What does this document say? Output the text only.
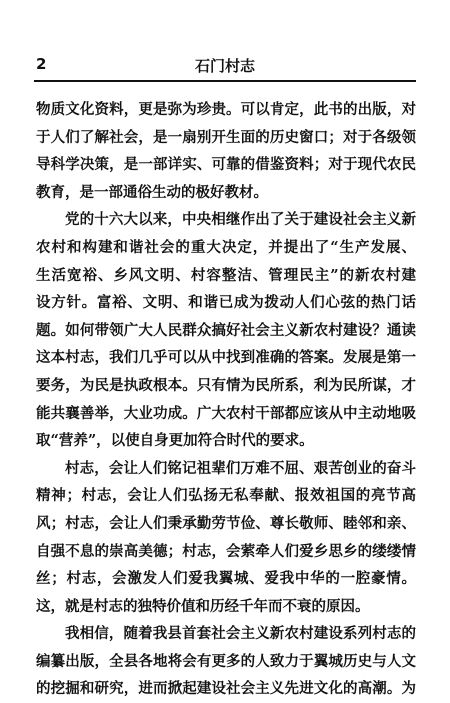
2	石门村志
物质文化资料，更是弥为珍贵。可以肯定，此书的出版，对
于人们了解社会，是一扇别开生面的历史窗口；对于各级领
导科学决策，是一部详实、可靠的借鉴资料；对于现代农民
教育，是一部通俗生动的极好教材。
党的十六大以来，中央相继作出了关于建设社会主义新
农村和构建和谐社会的重大决定，并提出了“生产发展、
生活宽裕、乡风文明、村容整洁、管理民主”的新农村建
设方针。富裕、文明、和谐已成为拨动人们心弦的热门话
题。如何带领广大人民群众搞好社会主义新农村建设？通读
这本村志，我们几乎可以从中找到准确的答案。发展是第一
要务，为民是执政根本。只有情为民所系，利为民所谋，才
能共襄善举，大业功成。广大农村干部都应该从中主动地吸
取“营养”，以使自身更加符合时代的要求。
村志，会让人们铭记祖辈们万难不屈、艰苦创业的奋斗
精神；村志，会让人们弘扬无私奉献、报效祖国的亮节高
风；村志，会让人们秉承勤劳节俭、尊长敬师、睦邻和亲、
自强不息的崇高美德；村志，会萦牵人们爱乡思乡的缕缕情
丝；村志，会激发人们爱我翼城、爱我中华的一腔豪情。
这，就是村志的独特价值和历经千年而不衰的原因。
我相信，随着我县首套社会主义新农村建设系列村志的
编纂出版，全县各地将会有更多的人致力于翼城历史与人文
的挖掘和研究，进而掀起建设社会主义先进文化的高潮。为
